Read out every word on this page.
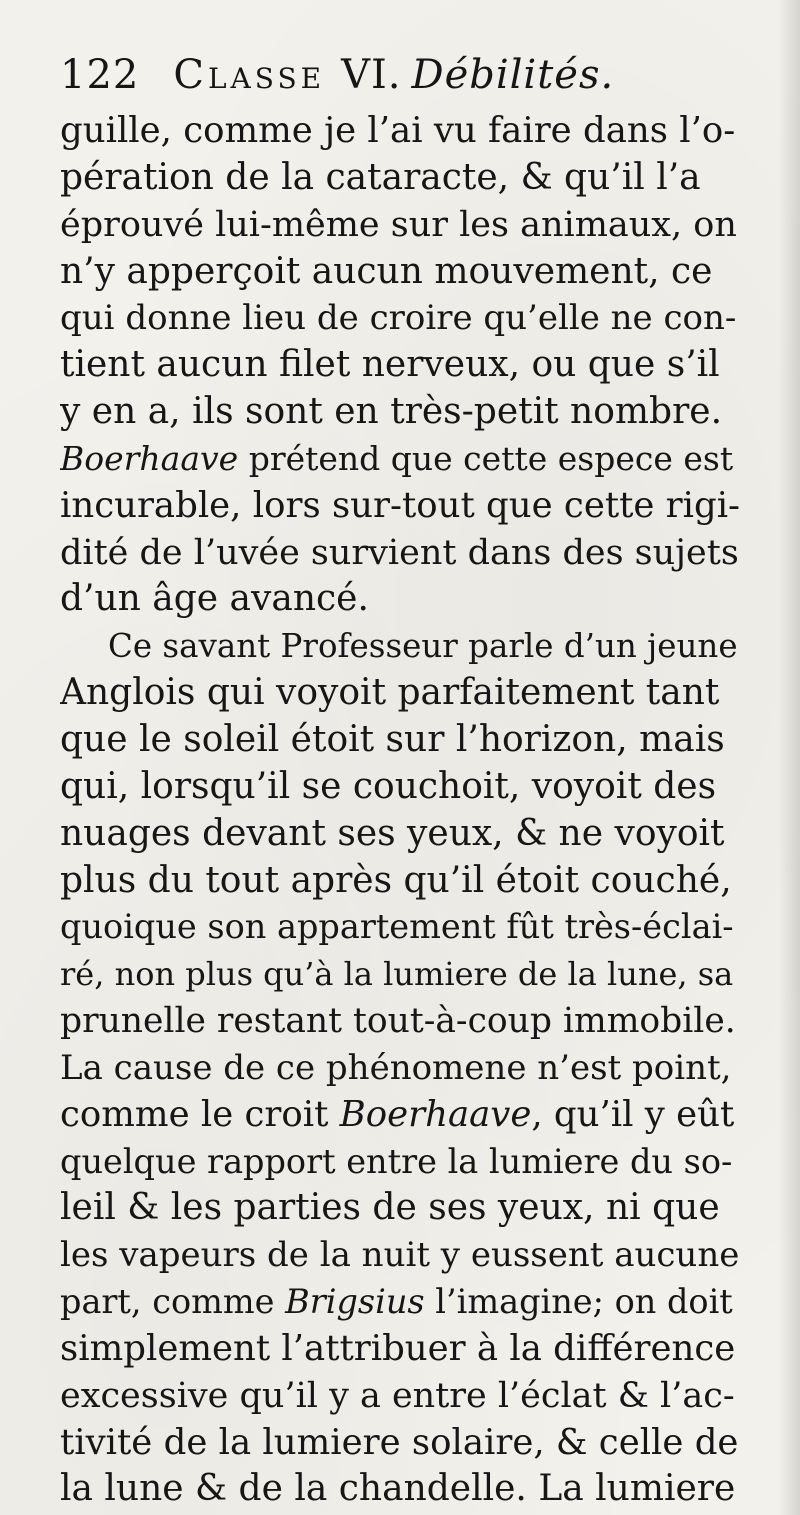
122 Classe VI. Débilités.

guille, comme je l’ai vu faire dans l’o-
pération de la cataracte, & qu’il l’a
éprouvé lui-même sur les animaux, on
n’y apperçoit aucun mouvement, ce
qui donne lieu de croire qu’elle ne con-
tient aucun filet nerveux, ou que s’il
y en a, ils sont en très-petit nombre.
Boerhaave prétend que cette espece est
incurable, lors sur-tout que cette rigi-
dité de l’uvée survient dans des sujets
d’un âge avancé.
Ce savant Professeur parle d’un jeune
Anglois qui voyoit parfaitement tant
que le soleil étoit sur l’horizon, mais
qui, lorsqu’il se couchoit, voyoit des
nuages devant ses yeux, & ne voyoit
plus du tout après qu’il étoit couché,
quoique son appartement fût très-éclai-
ré, non plus qu’à la lumiere de la lune, sa
prunelle restant tout-à-coup immobile.
La cause de ce phénomene n’est point,
comme le croit Boerhaave, qu’il y eût
quelque rapport entre la lumiere du so-
leil & les parties de ses yeux, ni que
les vapeurs de la nuit y eussent aucune
part, comme Brigsius l’imagine; on doit
simplement l’attribuer à la différence
excessive qu’il y a entre l’éclat & l’ac-
tivité de la lumiere solaire, & celle de
la lune & de la chandelle. La lumiere
